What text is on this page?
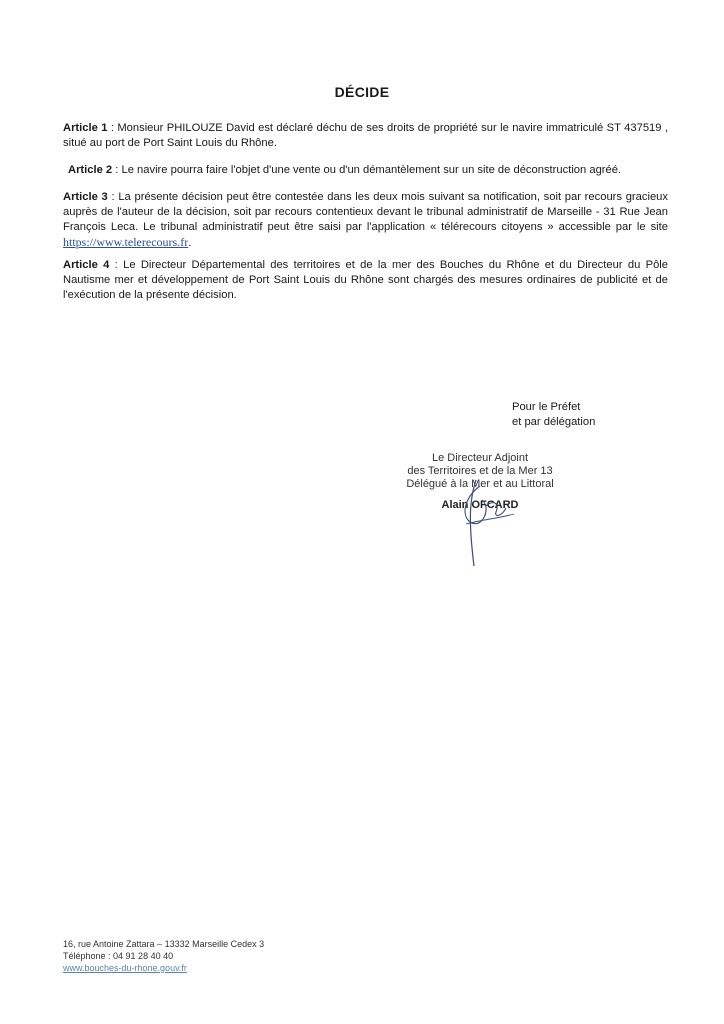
DÉCIDE
Article 1 : Monsieur PHILOUZE David est déclaré déchu de ses droits de propriété sur le navire immatriculé ST 437519 , situé au port de Port Saint Louis du Rhône.
Article 2 : Le navire pourra faire l'objet d'une vente ou d'un démantèlement sur un site de déconstruction agréé.
Article 3 : La présente décision peut être contestée dans les deux mois suivant sa notification, soit par recours gracieux auprès de l'auteur de la décision, soit par recours contentieux devant le tribunal administratif de Marseille - 31 Rue Jean François Leca. Le tribunal administratif peut être saisi par l'application « télérecours citoyens » accessible par le site https://www.telerecours.fr.
Article 4 : Le Directeur Départemental des territoires et de la mer des Bouches du Rhône et du Directeur du Pôle Nautisme mer et développement de Port Saint Louis du Rhône sont chargés des mesures ordinaires de publicité et de l'exécution de la présente décision.
Pour le Préfet
et par délégation
Le Directeur Adjoint
des Territoires et de la Mer 13
Délégué à la Mer et au Littoral
Alain OFCARD
16, rue Antoine Zattara – 13332 Marseille Cedex 3
Téléphone : 04 91 28 40 40
www.bouches-du-rhone.gouv.fr
